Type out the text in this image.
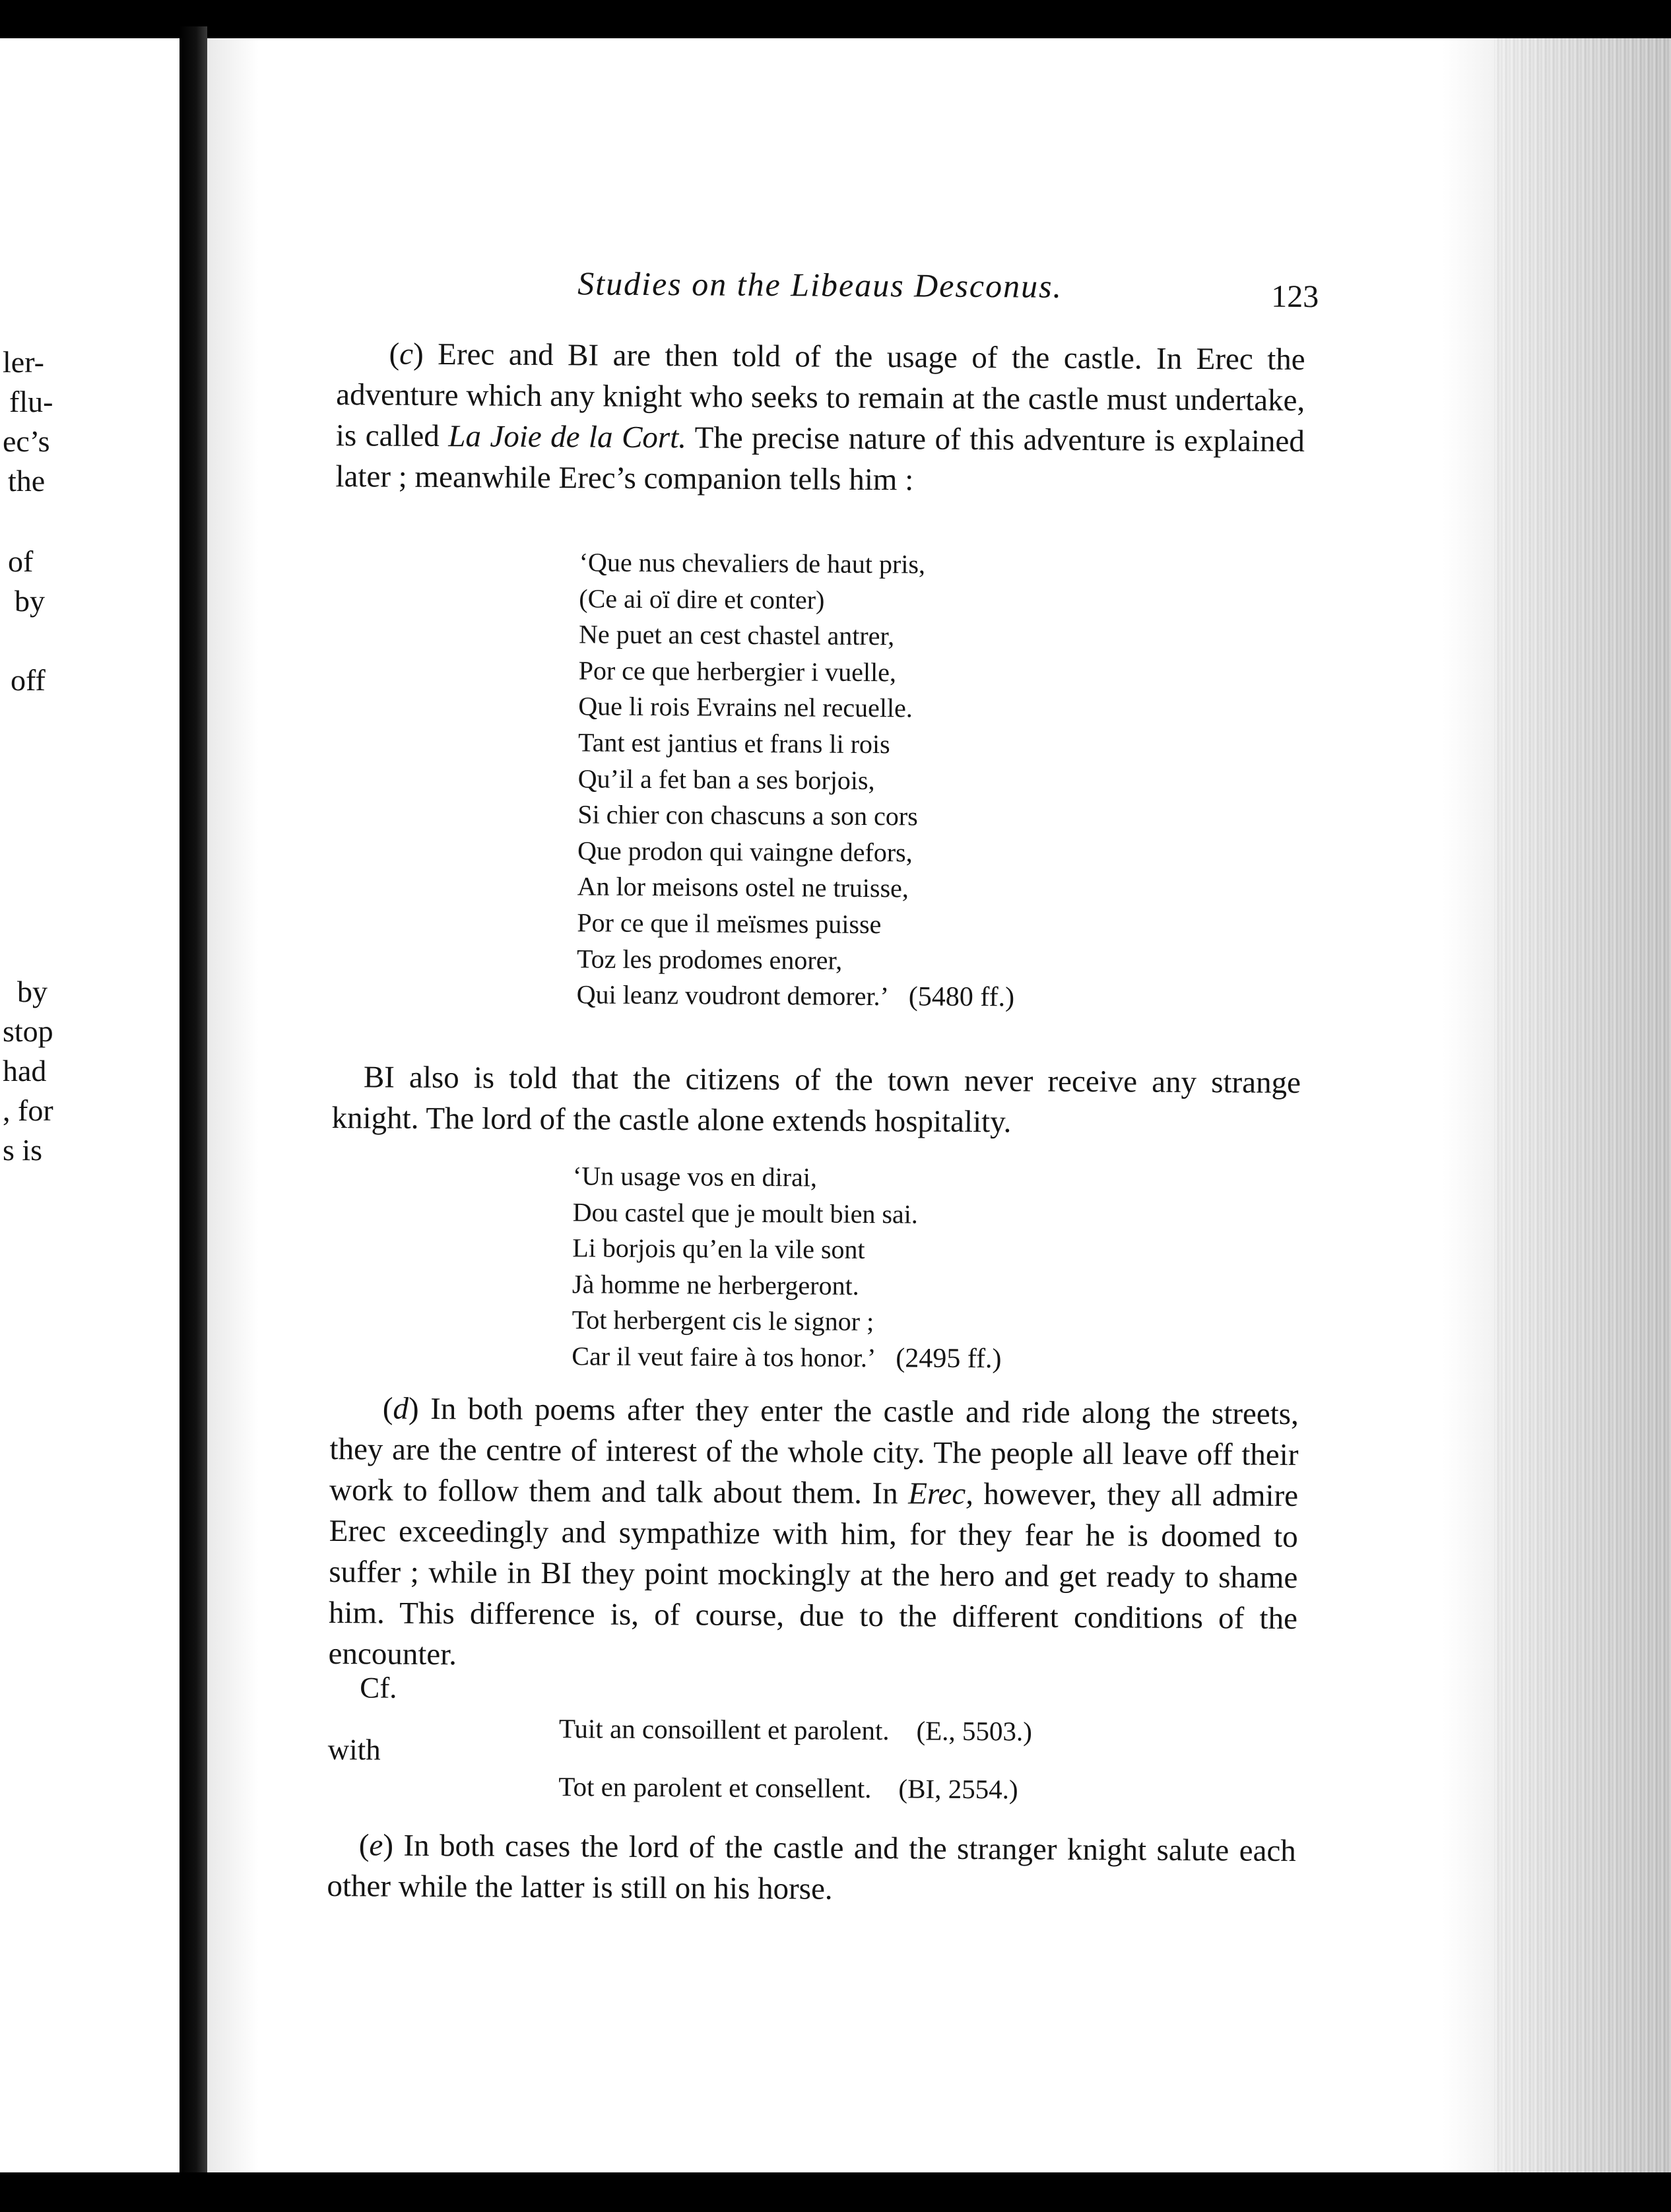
ler-
flu-
ec’s
the
of
by
off
by
stop
had
, for
s is
Studies on the Libeaus Desconus.	123

(c) Erec and BI are then told of the usage of the castle. In Erec the adventure which any knight who seeks to remain at the castle must undertake, is called La Joie de la Cort. The precise nature of this adventure is explained later ; meanwhile Erec’s companion tells him :

‘Que nus chevaliers de haut pris,
(Ce ai oï dire et conter)
Ne puet an cest chastel antrer,
Por ce que herbergier i vuelle,
Que li rois Evrains nel recuelle.
Tant est jantius et frans li rois
Qu’il a fet ban a ses borjois,
Si chier con chascuns a son cors
Que prodon qui vaingne defors,
An lor meisons ostel ne truisse,
Por ce que il meïsmes puisse
Toz les prodomes enorer,
Qui leanz voudront demorer.’ (5480 ff.)

BI also is told that the citizens of the town never receive any strange knight. The lord of the castle alone extends hospitality.

‘Un usage vos en dirai,
Dou castel que je moult bien sai.
Li borjois qu’en la vile sont
Jà homme ne herbergeront.
Tot herbergent cis le signor ;
Car il veut faire à tos honor.’ (2495 ff.)

(d) In both poems after they enter the castle and ride along the streets, they are the centre of interest of the whole city. The people all leave off their work to follow them and talk about them. In Erec, however, they all admire Erec exceedingly and sympathize with him, for they fear he is doomed to suffer ; while in BI they point mockingly at the hero and get ready to shame him. This difference is, of course, due to the different conditions of the encounter.

Cf.
Tuit an consoillent et parolent. (E., 5503.)
with
Tot en parolent et consellent. (BI, 2554.)

(e) In both cases the lord of the castle and the stranger knight salute each other while the latter is still on his horse.
